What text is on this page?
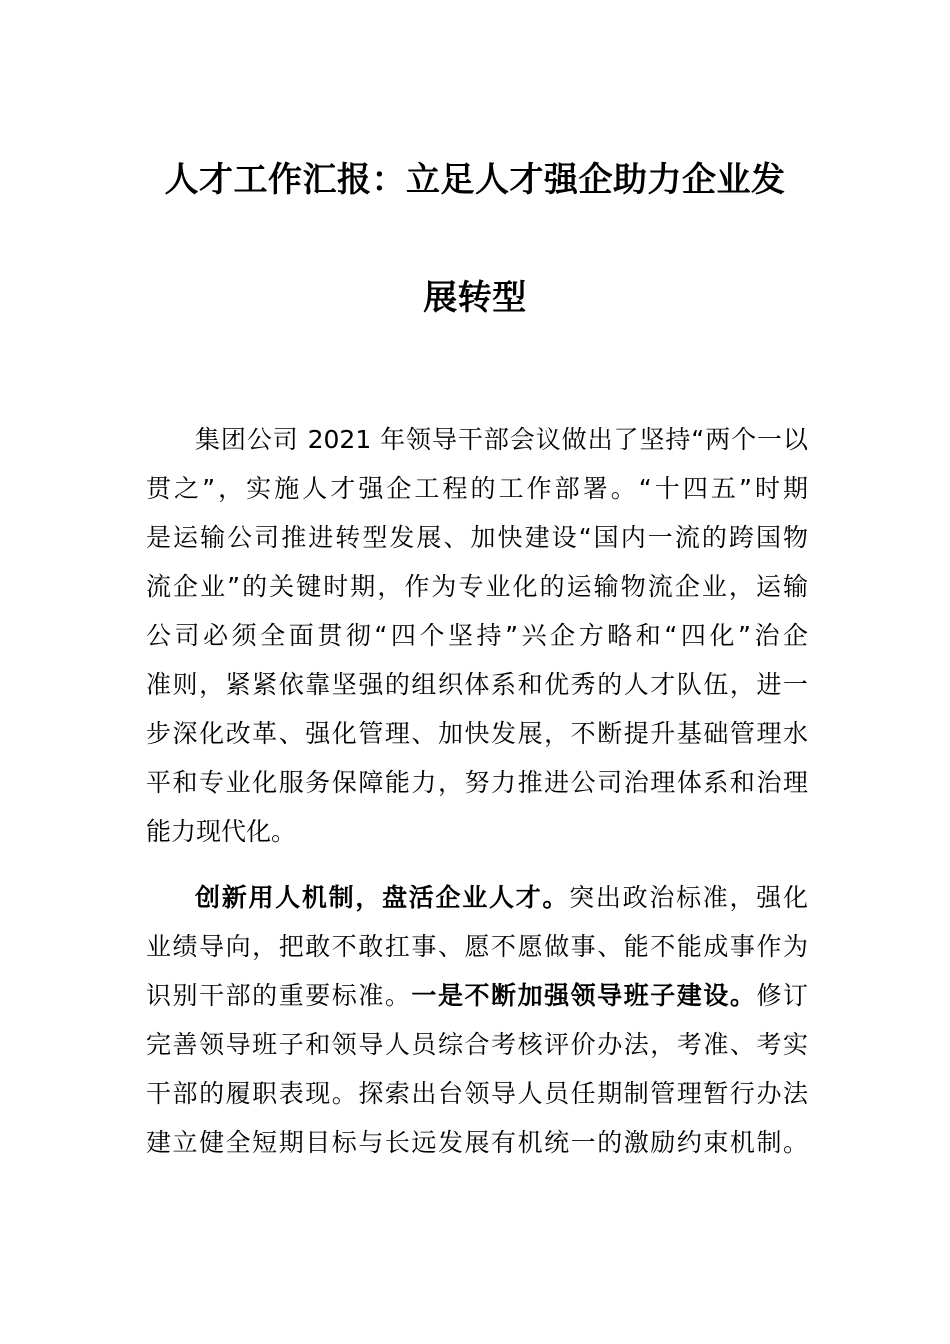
人才工作汇报：立足人才强企助力企业发
展转型
集团公司 2021 年领导干部会议做出了坚持“两个一以
贯之”，实施人才强企工程的工作部署。“十四五”时期
是运输公司推进转型发展、加快建设“国内一流的跨国物
流企业”的关键时期，作为专业化的运输物流企业，运输
公司必须全面贯彻“四个坚持”兴企方略和“四化”治企
准则，紧紧依靠坚强的组织体系和优秀的人才队伍，进一
步深化改革、强化管理、加快发展，不断提升基础管理水
平和专业化服务保障能力，努力推进公司治理体系和治理
能力现代化。
创新用人机制，盘活企业人才。突出政治标准，强化
业绩导向，把敢不敢扛事、愿不愿做事、能不能成事作为
识别干部的重要标准。一是不断加强领导班子建设。修订
完善领导班子和领导人员综合考核评价办法，考准、考实
干部的履职表现。探索出台领导人员任期制管理暂行办法
建立健全短期目标与长远发展有机统一的激励约束机制。
